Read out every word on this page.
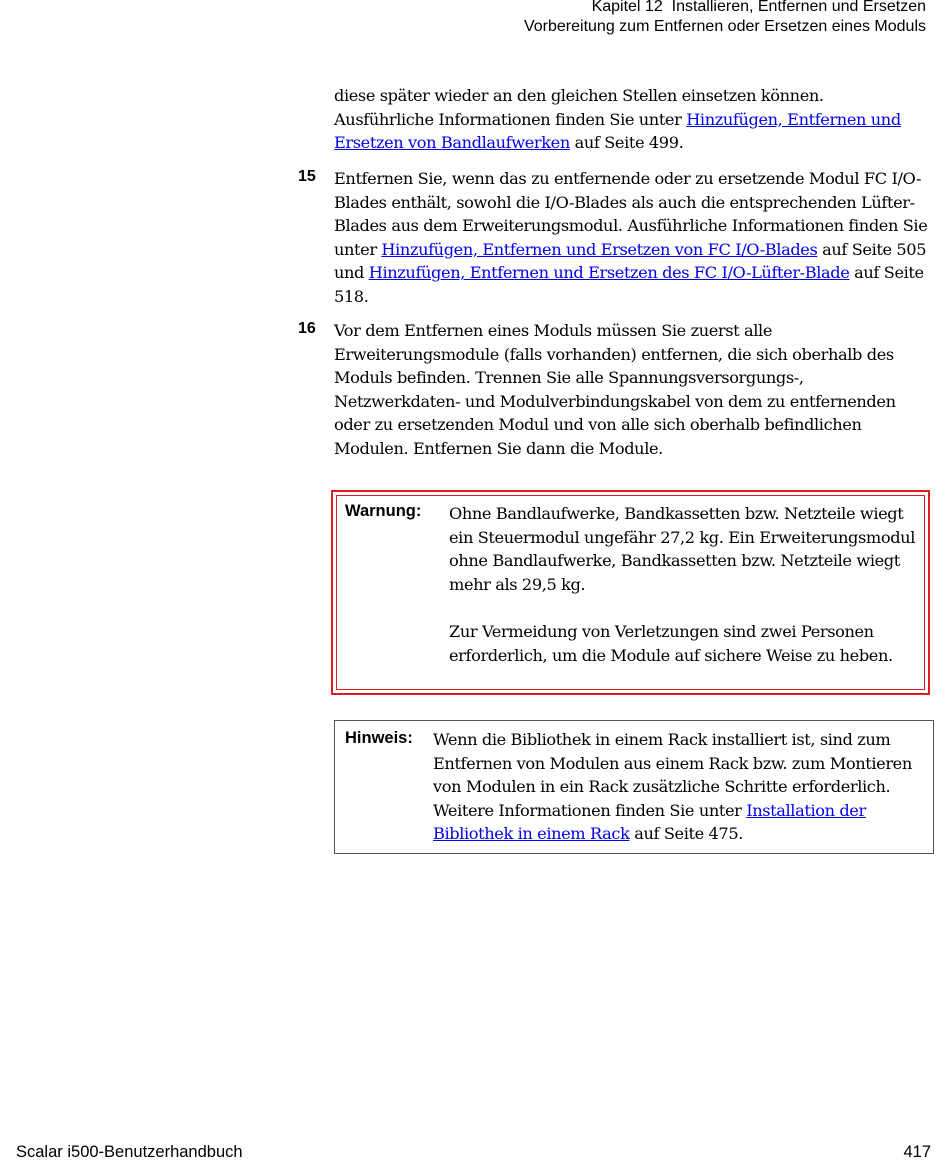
Kapitel 12  Installieren, Entfernen und Ersetzen
Vorbereitung zum Entfernen oder Ersetzen eines Moduls
diese später wieder an den gleichen Stellen einsetzen können.
Ausführliche Informationen finden Sie unter Hinzufügen, Entfernen und Ersetzen von Bandlaufwerken auf Seite 499.
15 Entfernen Sie, wenn das zu entfernende oder zu ersetzende Modul FC I/O-Blades enthält, sowohl die I/O-Blades als auch die entsprechenden Lüfter-Blades aus dem Erweiterungsmodul. Ausführliche Informationen finden Sie unter Hinzufügen, Entfernen und Ersetzen von FC I/O-Blades auf Seite 505 und Hinzufügen, Entfernen und Ersetzen des FC I/O-Lüfter-Blade auf Seite 518.
16 Vor dem Entfernen eines Moduls müssen Sie zuerst alle Erweiterungsmodule (falls vorhanden) entfernen, die sich oberhalb des Moduls befinden. Trennen Sie alle Spannungsversorgungs-, Netzwerkdaten- und Modulverbindungskabel von dem zu entfernenden oder zu ersetzenden Modul und von alle sich oberhalb befindlichen Modulen. Entfernen Sie dann die Module.
Warnung: Ohne Bandlaufwerke, Bandkassetten bzw. Netzteile wiegt ein Steuermodul ungefähr 27,2 kg. Ein Erweiterungsmodul ohne Bandlaufwerke, Bandkassetten bzw. Netzteile wiegt mehr als 29,5 kg.

Zur Vermeidung von Verletzungen sind zwei Personen erforderlich, um die Module auf sichere Weise zu heben.

Hinweis: Wenn die Bibliothek in einem Rack installiert ist, sind zum Entfernen von Modulen aus einem Rack bzw. zum Montieren von Modulen in ein Rack zusätzliche Schritte erforderlich. Weitere Informationen finden Sie unter Installation der Bibliothek in einem Rack auf Seite 475.
Scalar i500-Benutzerhandbuch	417
